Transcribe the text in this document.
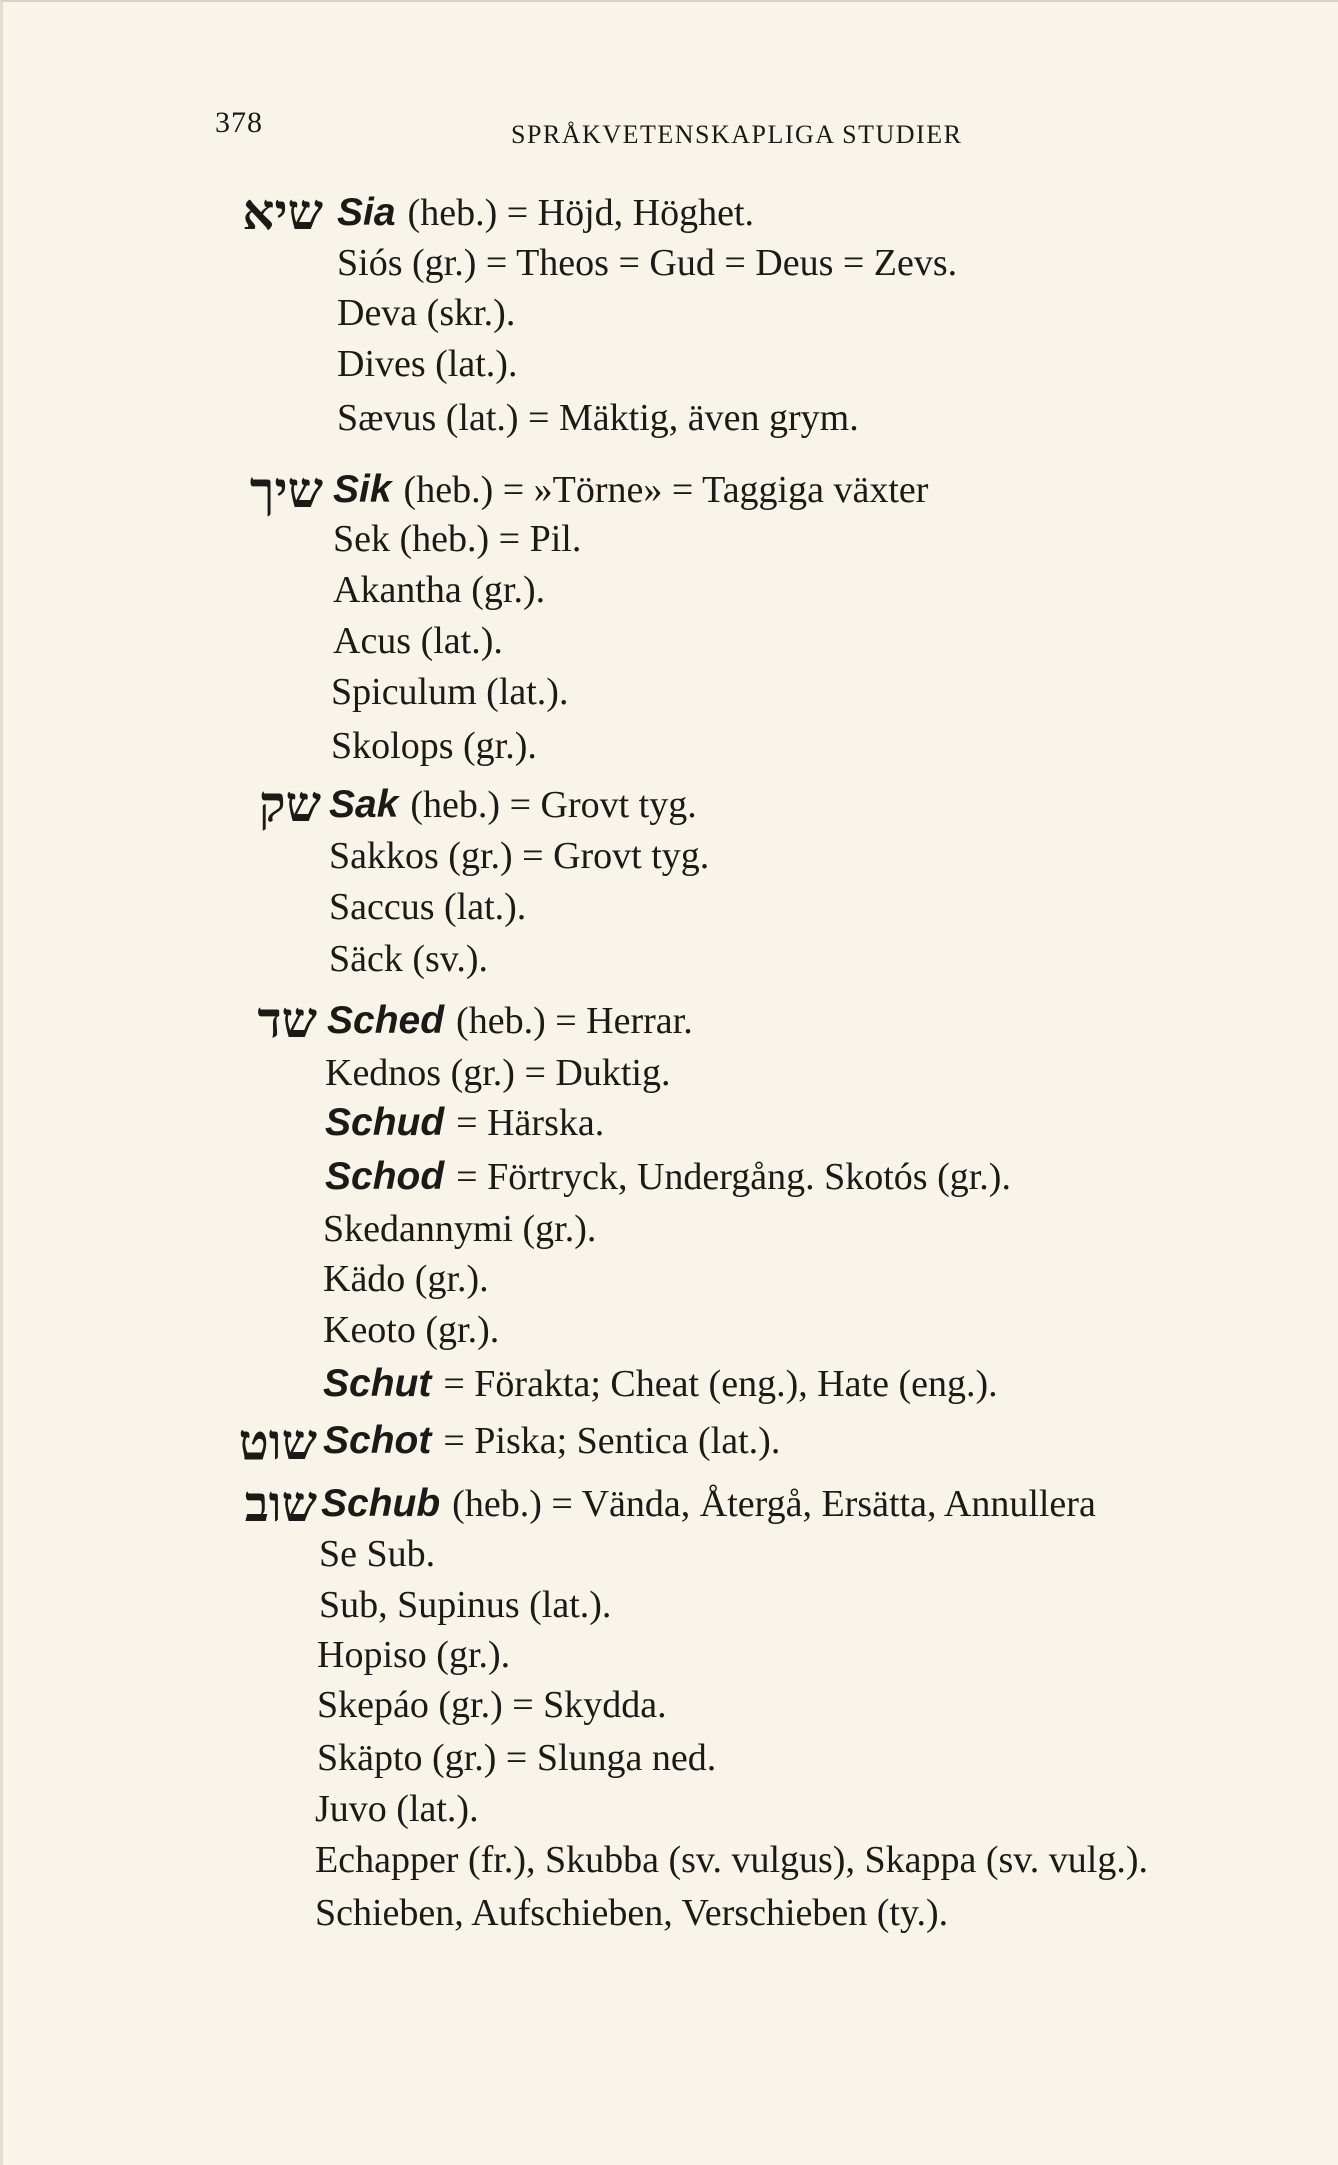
378	SPRÅKVETENSKAPLIGA STUDIER
שיא Sia (heb.) = Höjd, Höghet.
Siós (gr.) = Theos = Gud = Deus = Zevs.
Deva (skr.).
Dives (lat.).
Sævus (lat.) = Mäktig, även grym.
שיך Sik (heb.) = »Törne» = Taggiga växter
Sek (heb.) = Pil.
Akantha (gr.).
Acus (lat.).
Spiculum (lat.).
Skolops (gr.).
שק Sak (heb.) = Grovt tyg.
Sakkos (gr.) = Grovt tyg.
Saccus (lat.).
Säck (sv.).
שד Sched (heb.) = Herrar.
Kednos (gr.) = Duktig.
Schud = Härska.
Schod = Förtryck, Undergång. Skotós (gr.).
Skedannymi (gr.).
Kädo (gr.).
Keoto (gr.).
Schut = Förakta; Cheat (eng.), Hate (eng.).
שוט Schot = Piska; Sentica (lat.).
שוב Schub (heb.) = Vända, Återgå, Ersätta, Annullera
Se Sub.
Sub, Supinus (lat.).
Hopiso (gr.).
Skepáo (gr.) = Skydda.
Skäpto (gr.) = Slunga ned.
Juvo (lat.).
Echapper (fr.), Skubba (sv. vulgus), Skappa (sv. vulg.).
Schieben, Aufschieben, Verschieben (ty.).
